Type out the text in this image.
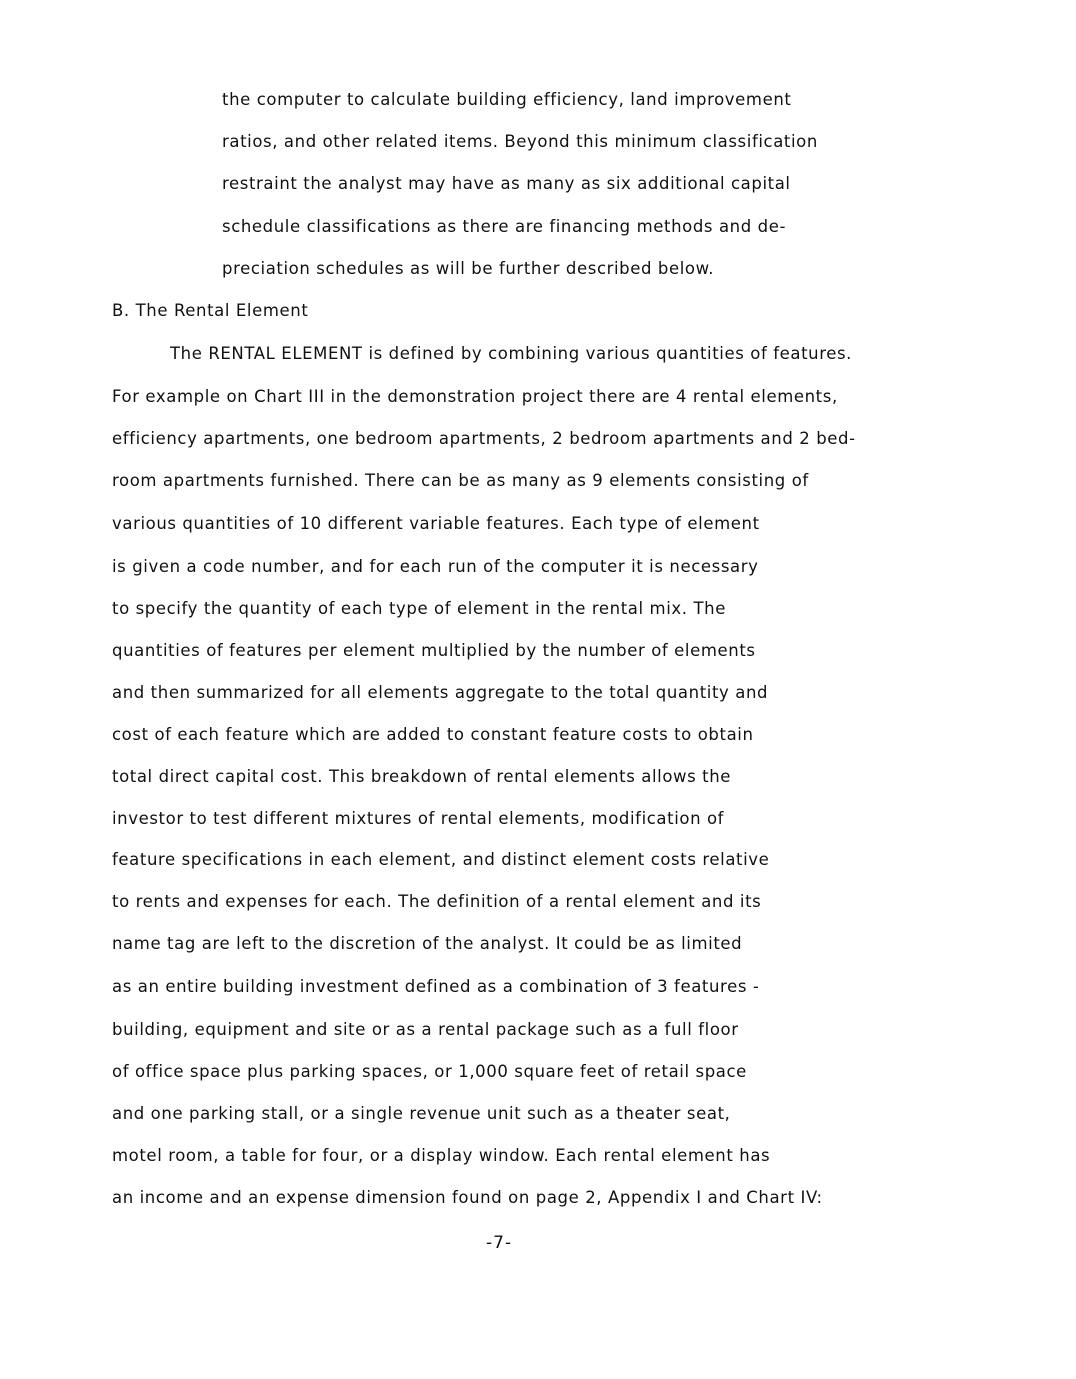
the computer to calculate building efficiency, land improvement
ratios, and other related items. Beyond this minimum classification
restraint the analyst may have as many as six additional capital
schedule classifications as there are financing methods and de-
preciation schedules as will be further described below.
B. The Rental Element
The RENTAL ELEMENT is defined by combining various quantities of features.
For example on Chart III in the demonstration project there are 4 rental elements,
efficiency apartments, one bedroom apartments, 2 bedroom apartments and 2 bed-
room apartments furnished. There can be as many as 9 elements consisting of
various quantities of 10 different variable features. Each type of element
is given a code number, and for each run of the computer it is necessary
to specify the quantity of each type of element in the rental mix. The
quantities of features per element multiplied by the number of elements
and then summarized for all elements aggregate to the total quantity and
cost of each feature which are added to constant feature costs to obtain
total direct capital cost. This breakdown of rental elements allows the
investor to test different mixtures of rental elements, modification of
feature specifications in each element, and distinct element costs relative
to rents and expenses for each. The definition of a rental element and its
name tag are left to the discretion of the analyst. It could be as limited
as an entire building investment defined as a combination of 3 features -
building, equipment and site or as a rental package such as a full floor
of office space plus parking spaces, or 1,000 square feet of retail space
and one parking stall, or a single revenue unit such as a theater seat,
motel room, a table for four, or a display window. Each rental element has
an income and an expense dimension found on page 2, Appendix I and Chart IV:
-7-
